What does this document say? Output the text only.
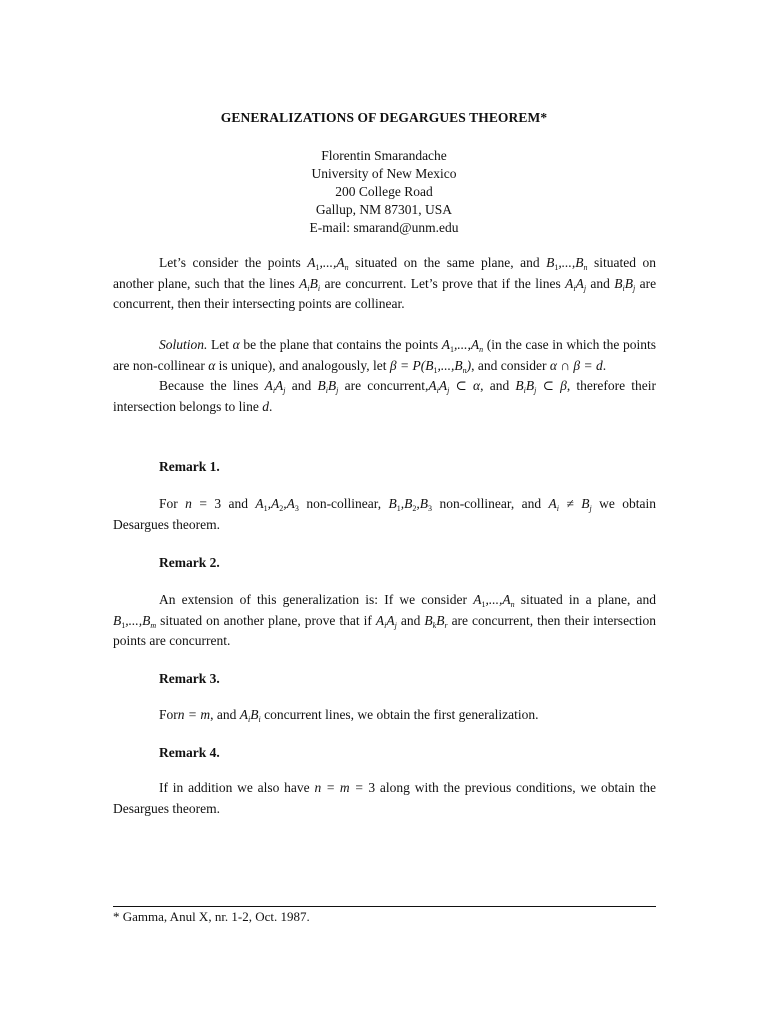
GENERALIZATIONS OF DEGARGUES THEOREM*
Florentin Smarandache
University of New Mexico
200 College Road
Gallup, NM 87301, USA
E-mail: smarand@unm.edu

Let’s consider the points $A_1,...,A_n$ situated on the same plane, and $B_1,...,B_n$ situated on another plane, such that the lines $A_iB_i$ are concurrent. Let’s prove that if the lines $A_iA_j$ and $B_iB_j$ are concurrent, then their intersecting points are collinear.

Solution. Let α be the plane that contains the points $A_1,...,A_n$ (in the case in which the points are non-collinear α is unique), and analogously, let $\beta = P(B_1,...,B_n)$, and consider α ∩ β = d.

Because the lines $A_iA_j$ and $B_iB_j$ are $concurrent,A_iA_j$ ⊂ α, and $B_iB_j$ ⊂ β, therefore their intersection belongs to line d.

Remark 1.

For n = 3 and $A_1,A_2,A_3$ non-collinear, $B_1,B_2,B_3$ non-collinear, and $A_i \ne B_j$ we obtain Desargues theorem.

Remark 2.

An extension of this generalization is: If we consider $A_1,...,A_n$ situated in a plane, and $B_1,...,B_m$ situated on another plane, prove that if $A_iA_j$ and $B_kB_r$ are concurrent, then their intersection points are concurrent.

Remark 3.

Forn = m, and $A_iB_i$ concurrent lines, we obtain the first generalization.

Remark 4.

If in addition we also have n = m = 3 along with the previous conditions, we obtain the Desargues theorem.

* Gamma, Anul X, nr. 1-2, Oct. 1987.
